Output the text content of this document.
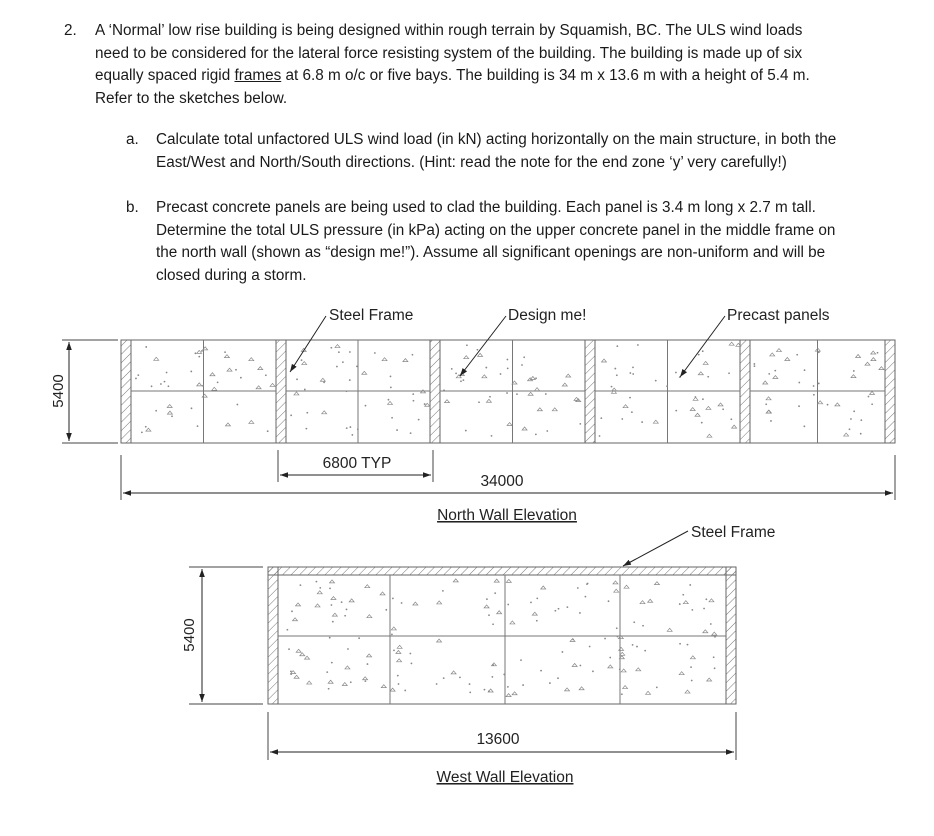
2. A ‘Normal’ low rise building is being designed within rough terrain by Squamish, BC. The ULS wind loads need to be considered for the lateral force resisting system of the building. The building is made up of six equally spaced rigid frames at 6.8 m o/c or five bays. The building is 34 m x 13.6 m with a height of 5.4 m. Refer to the sketches below.
a. Calculate total unfactored ULS wind load (in kN) acting horizontally on the main structure, in both the East/West and North/South directions. (Hint: read the note for the end zone ‘y’ very carefully!)
b. Precast concrete panels are being used to clad the building. Each panel is 3.4 m long x 2.7 m tall. Determine the total ULS pressure (in kPa) acting on the upper concrete panel in the middle frame on the north wall (shown as “design me!”). Assume all significant openings are non-uniform and will be closed during a storm.
Steel Frame	Design me!	Precast panels
5400
6800 TYP
34000
North Wall Elevation
Steel Frame
5400
13600
West Wall Elevation
